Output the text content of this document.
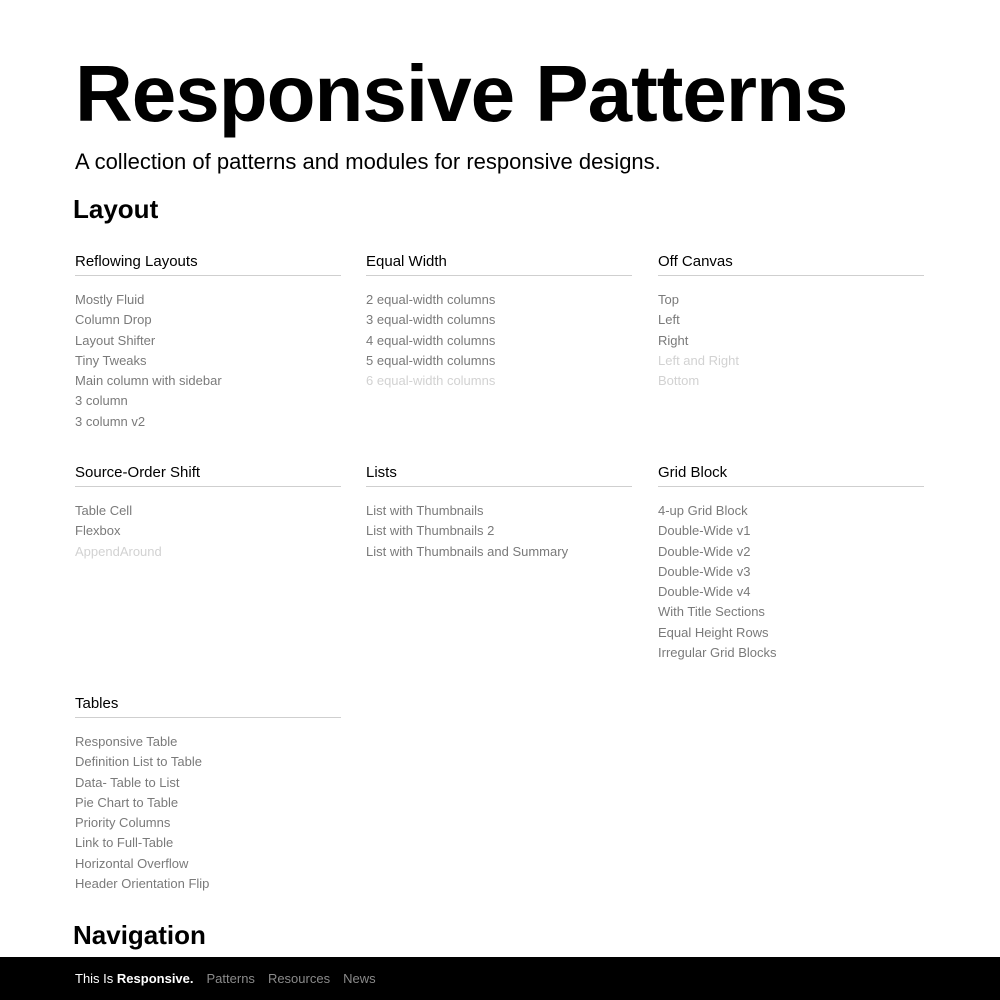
Responsive Patterns

A collection of patterns and modules for responsive designs.

Layout
Reflowing Layouts
Mostly Fluid
Column Drop
Layout Shifter
Tiny Tweaks
Main column with sidebar
3 column
3 column v2
Equal Width
2 equal-width columns
3 equal-width columns
4 equal-width columns
5 equal-width columns
6 equal-width columns
Off Canvas
Top
Left
Right
Left and Right
Bottom
Source-Order Shift
Table Cell
Flexbox
AppendAround
Lists
List with Thumbnails
List with Thumbnails 2
List with Thumbnails and Summary
Grid Block
4-up Grid Block
Double-Wide v1
Double-Wide v2
Double-Wide v3
Double-Wide v4
With Title Sections
Equal Height Rows
Irregular Grid Blocks
Tables
Responsive Table
Definition List to Table
Data- Table to List
Pie Chart to Table
Priority Columns
Link to Full-Table
Horizontal Overflow
Header Orientation Flip
Navigation
This Is Responsive. Patterns Resources News
